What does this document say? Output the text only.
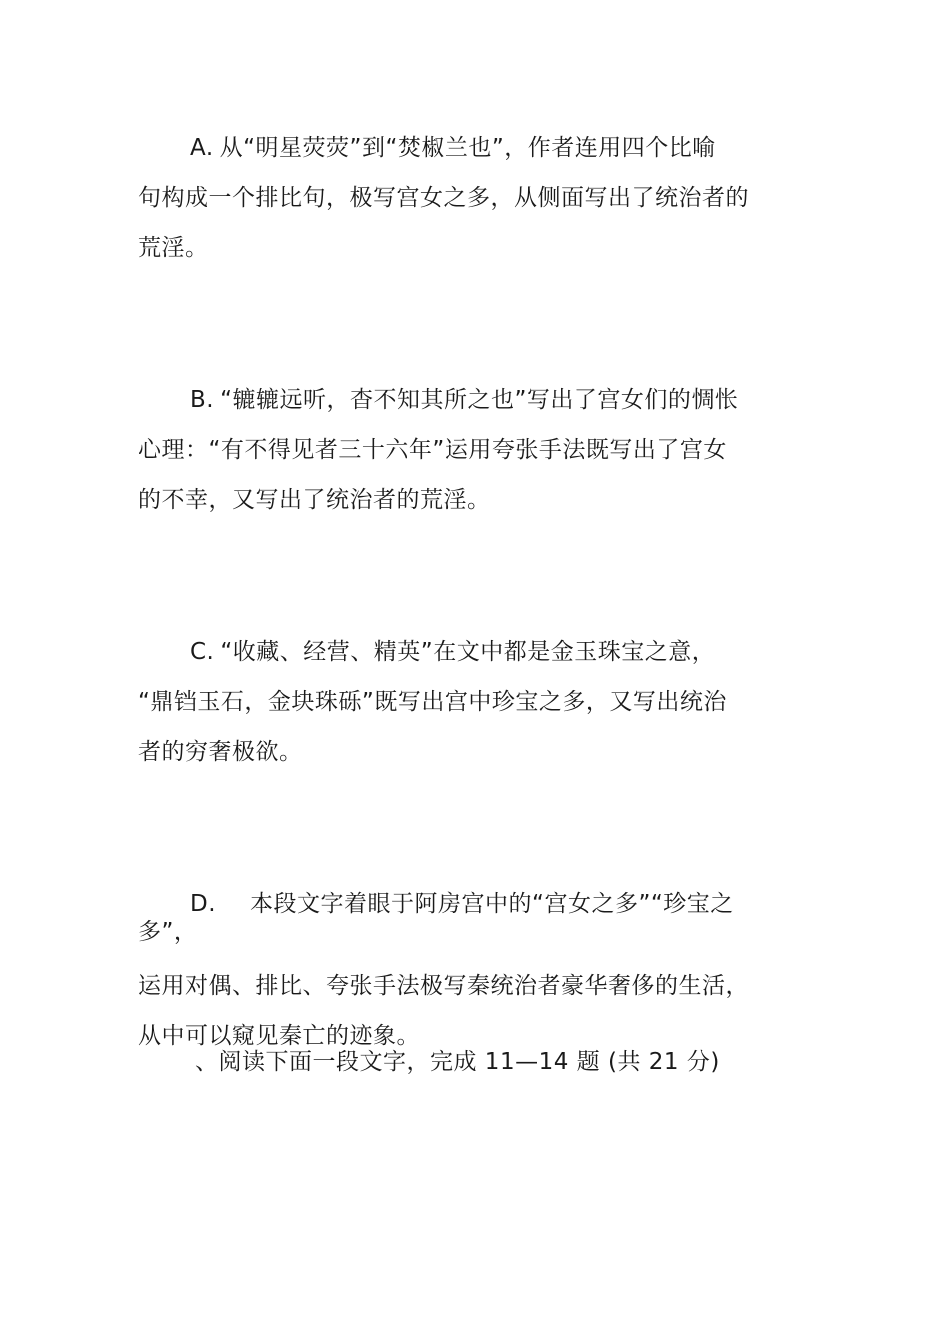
A. 从“明星荧荧”到“焚椒兰也”，作者连用四个比喻
句构成一个排比句，极写宫女之多，从侧面写出了统治者的
荒淫。
B. “辘辘远听，杳不知其所之也”写出了宫女们的惆怅
心理：“有不得见者三十六年”运用夸张手法既写出了宫女
的不幸，又写出了统治者的荒淫。
C. “收藏、经营、精英”在文中都是金玉珠宝之意，
“鼎铛玉石，金块珠砾”既写出宫中珍宝之多，又写出统治
者的穷奢极欲。
D. 本段文字着眼于阿房宫中的“宫女之多”“珍宝之
多”，
运用对偶、排比、夸张手法极写秦统治者豪华奢侈的生活，
从中可以窥见秦亡的迹象。
、阅读下面一段文字，完成 11—14 题 (共 21 分)
